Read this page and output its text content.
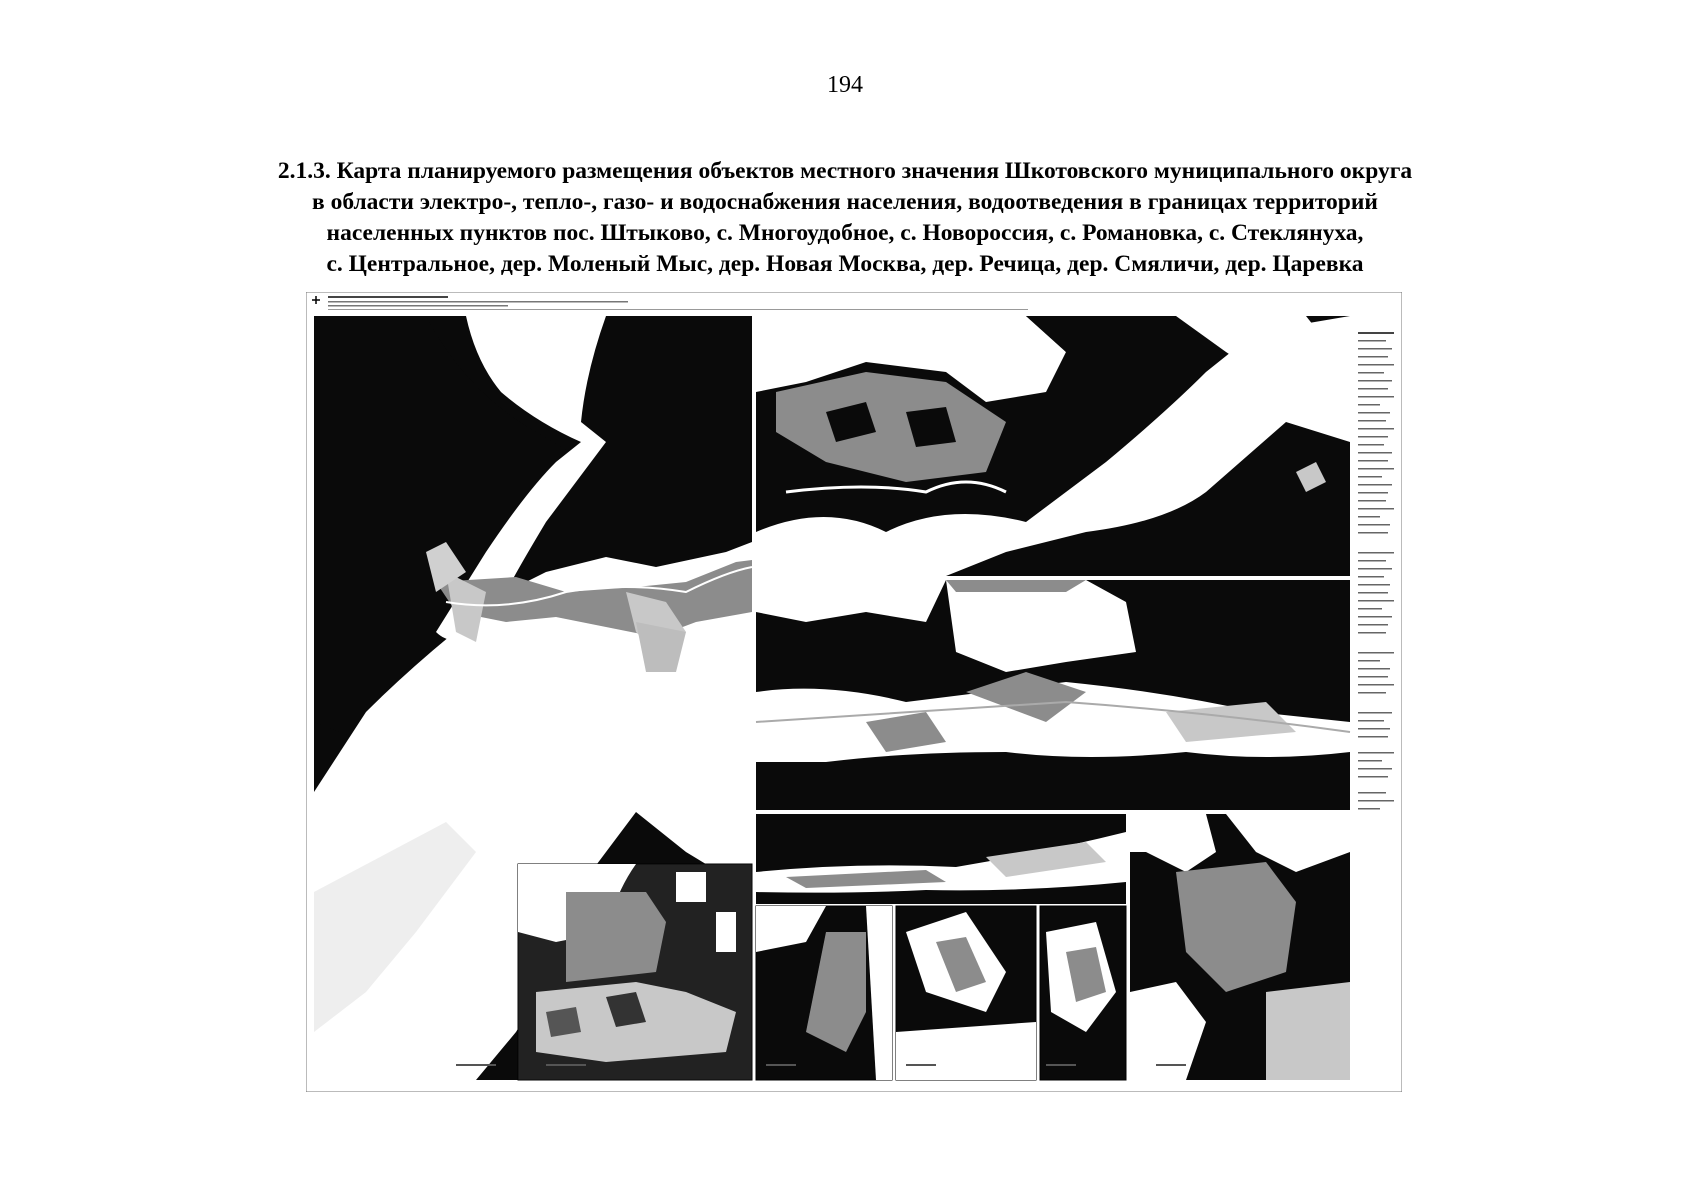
194
2.1.3. Карта планируемого размещения объектов местного значения Шкотовского муниципального округа
в области электро-, тепло-, газо- и водоснабжения населения, водоотведения в границах территорий
населенных пунктов пос. Штыково, с. Многоудобное, с. Новороссия, с. Романовка, с. Стеклянуха,
с. Центральное, дер. Моленый Мыс, дер. Новая Москва, дер. Речица, дер. Смяличи, дер. Царевка
